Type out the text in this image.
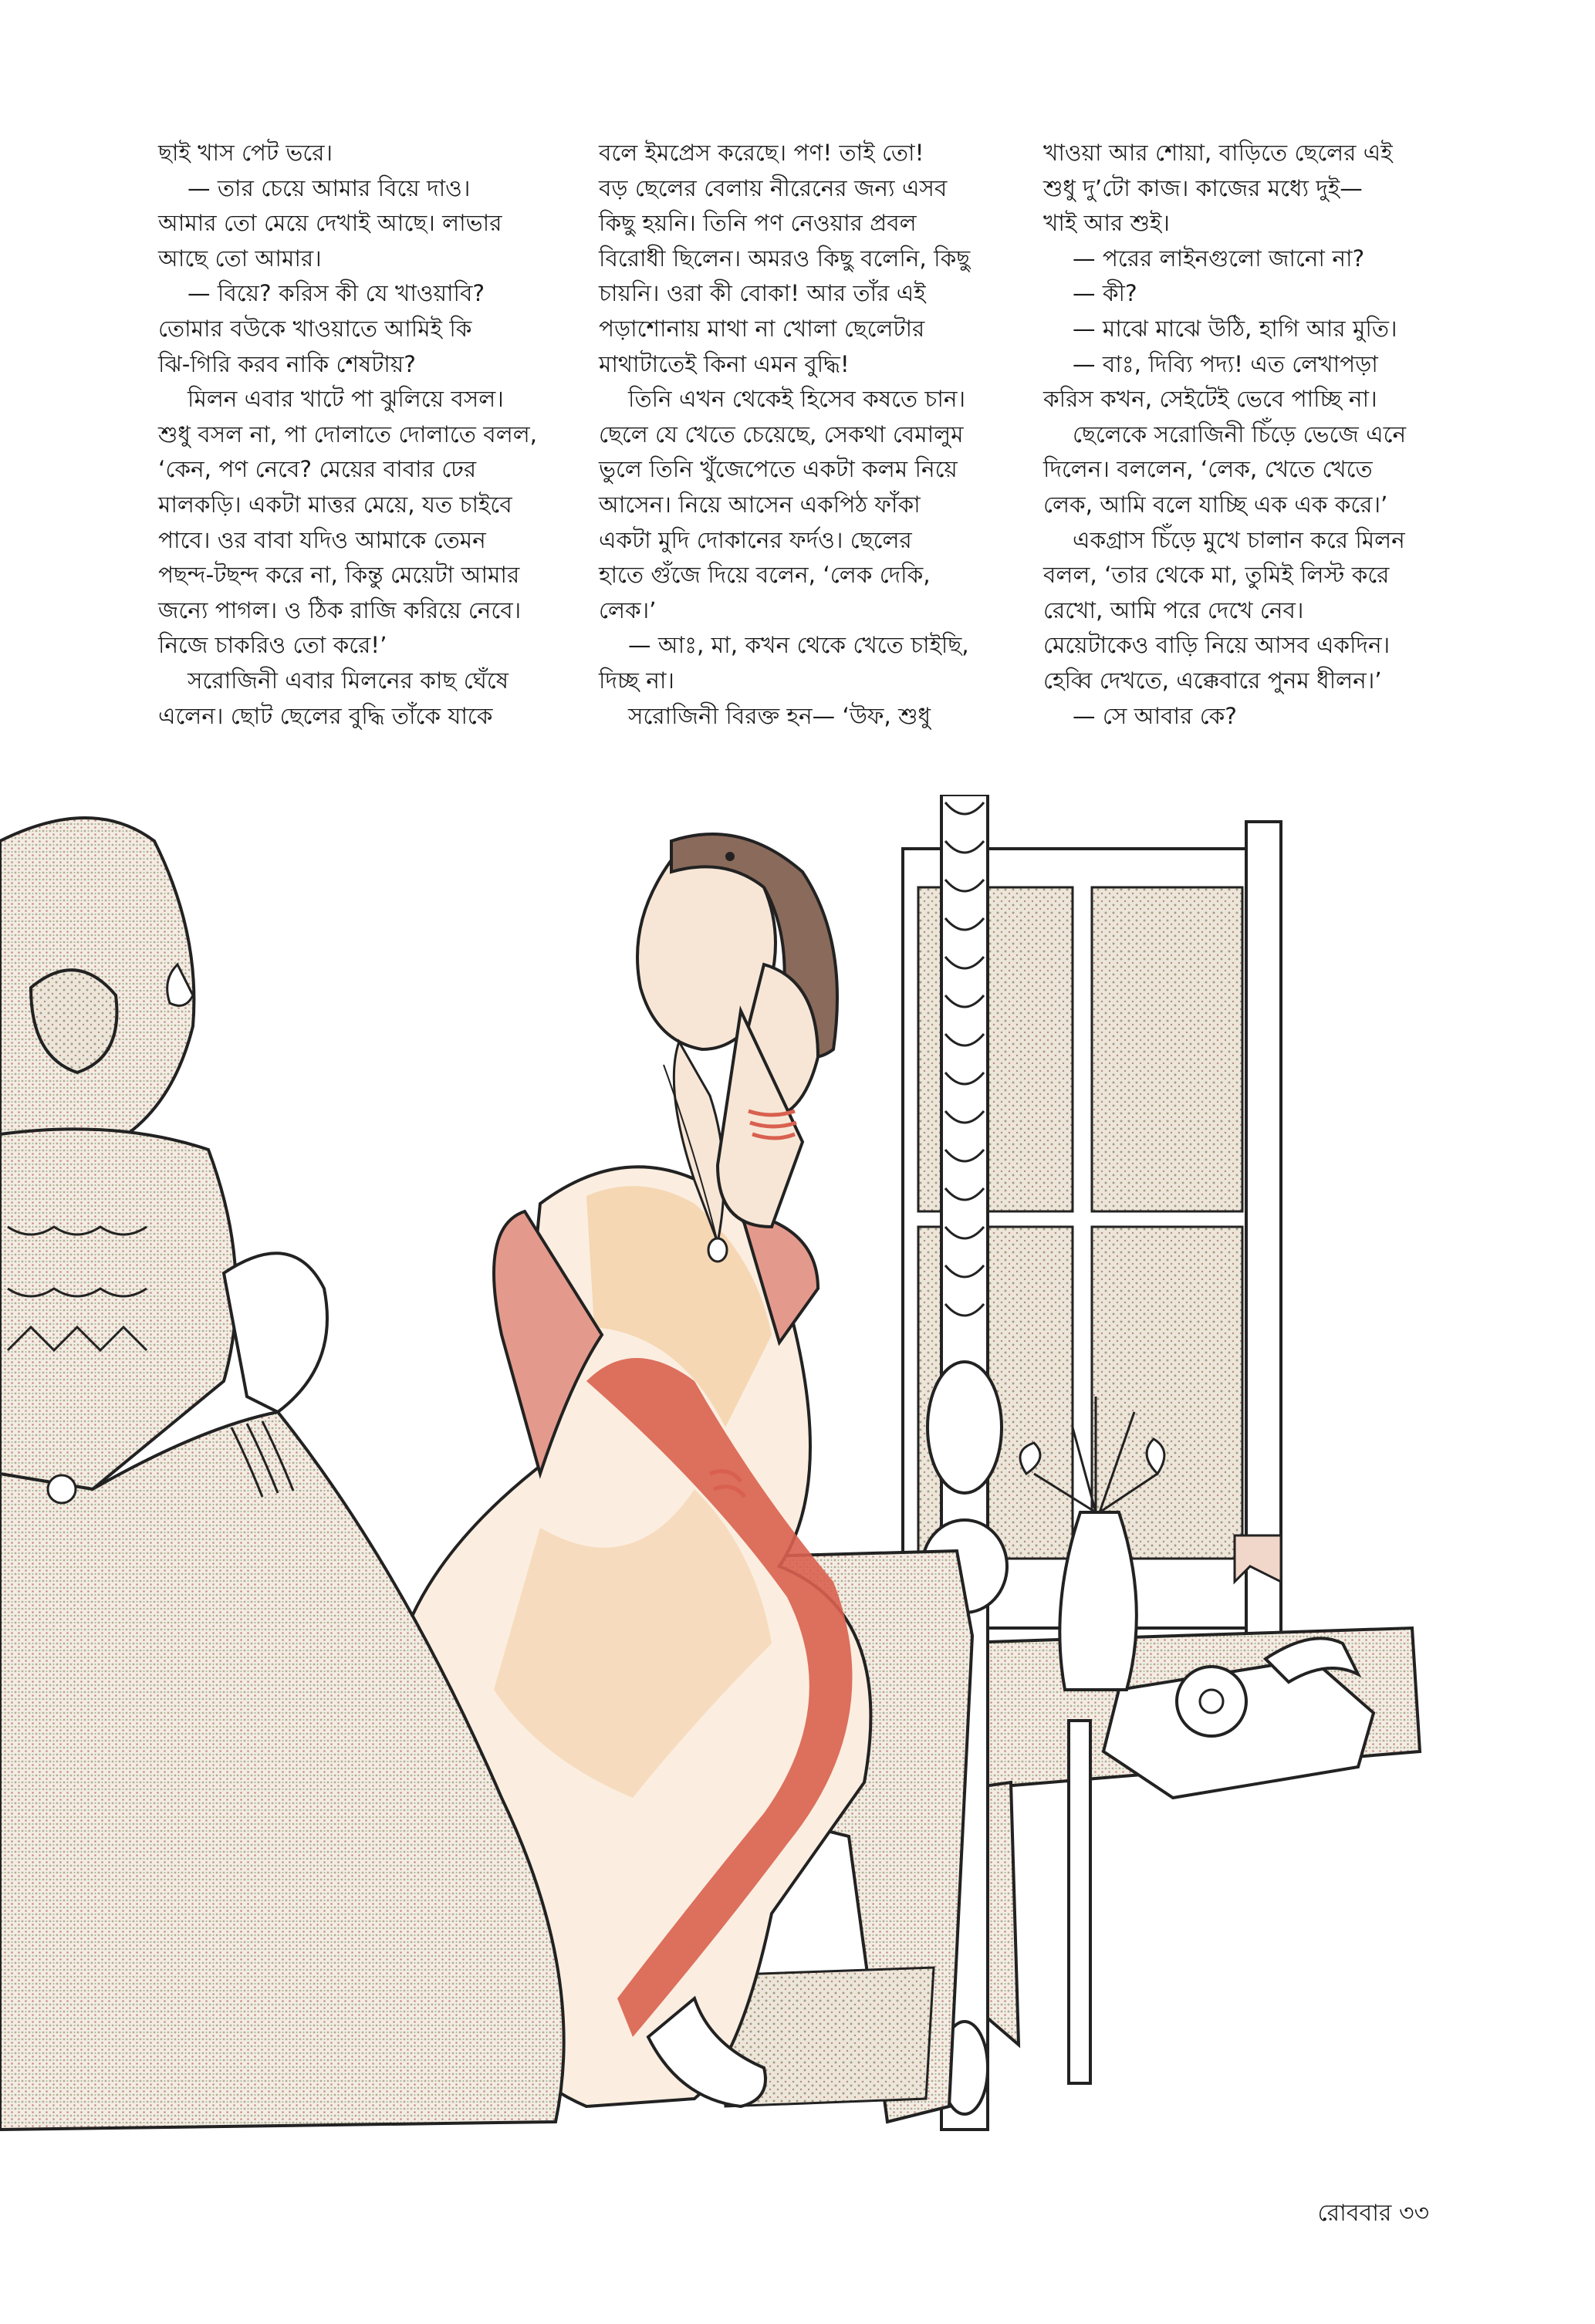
ছাই খাস পেট ভরে।

— তার চেয়ে আমার বিয়ে দাও।

আমার তো মেয়ে দেখাই আছে। লাভার

আছে তো আমার।

— বিয়ে? করিস কী যে খাওয়াবি?

তোমার বউকে খাওয়াতে আমিই কি

ঝি-গিরি করব নাকি শেষটায়?

মিলন এবার খাটে পা ঝুলিয়ে বসল।

শুধু বসল না, পা দোলাতে দোলাতে বলল,

‘কেন, পণ নেবে? মেয়ের বাবার ঢের

মালকড়ি। একটা মাত্তর মেয়ে, যত চাইবে

পাবে। ওর বাবা যদিও আমাকে তেমন

পছন্দ-টছন্দ করে না, কিন্তু মেয়েটা আমার

জন্যে পাগল। ও ঠিক রাজি করিয়ে নেবে।

নিজে চাকরিও তো করে!’

সরোজিনী এবার মিলনের কাছ ঘেঁষে

এলেন। ছোট ছেলের বুদ্ধি তাঁকে যাকে

বলে ইমপ্রেস করেছে। পণ! তাই তো!

বড় ছেলের বেলায় নীরেনের জন্য এসব

কিছু হয়নি। তিনি পণ নেওয়ার প্রবল

বিরোধী ছিলেন। অমরও কিছু বলেনি, কিছু

চায়নি। ওরা কী বোকা! আর তাঁর এই

পড়াশোনায় মাথা না খোলা ছেলেটার

মাথাটাতেই কিনা এমন বুদ্ধি!

তিনি এখন থেকেই হিসেব কষতে চান।

ছেলে যে খেতে চেয়েছে, সেকথা বেমালুম

ভুলে তিনি খুঁজেপেতে একটা কলম নিয়ে

আসেন। নিয়ে আসেন একপিঠ ফাঁকা

একটা মুদি দোকানের ফর্দও। ছেলের

হাতে গুঁজে দিয়ে বলেন, ‘লেক দেকি,

লেক।’

— আঃ, মা, কখন থেকে খেতে চাইছি,

দিচ্ছ না।

সরোজিনী বিরক্ত হন— ‘উফ, শুধু

খাওয়া আর শোয়া, বাড়িতে ছেলের এই

শুধু দু’টো কাজ। কাজের মধ্যে দুই—

খাই আর শুই।

— পরের লাইনগুলো জানো না?

— কী?

— মাঝে মাঝে উঠি, হাগি আর মুতি।

— বাঃ, দিব্যি পদ্য! এত লেখাপড়া

করিস কখন, সেইটেই ভেবে পাচ্ছি না।

ছেলেকে সরোজিনী চিঁড়ে ভেজে এনে

দিলেন। বললেন, ‘লেক, খেতে খেতে

লেক, আমি বলে যাচ্ছি এক এক করে।’

একগ্রাস চিঁড়ে মুখে চালান করে মিলন

বলল, ‘তার থেকে মা, তুমিই লিস্ট করে

রেখো, আমি পরে দেখে নেব।

মেয়েটাকেও বাড়ি নিয়ে আসব একদিন।

হেব্বি দেখতে, এক্কেবারে পুনম ধীলন।’

— সে আবার কে?

রোববার ৩৩
